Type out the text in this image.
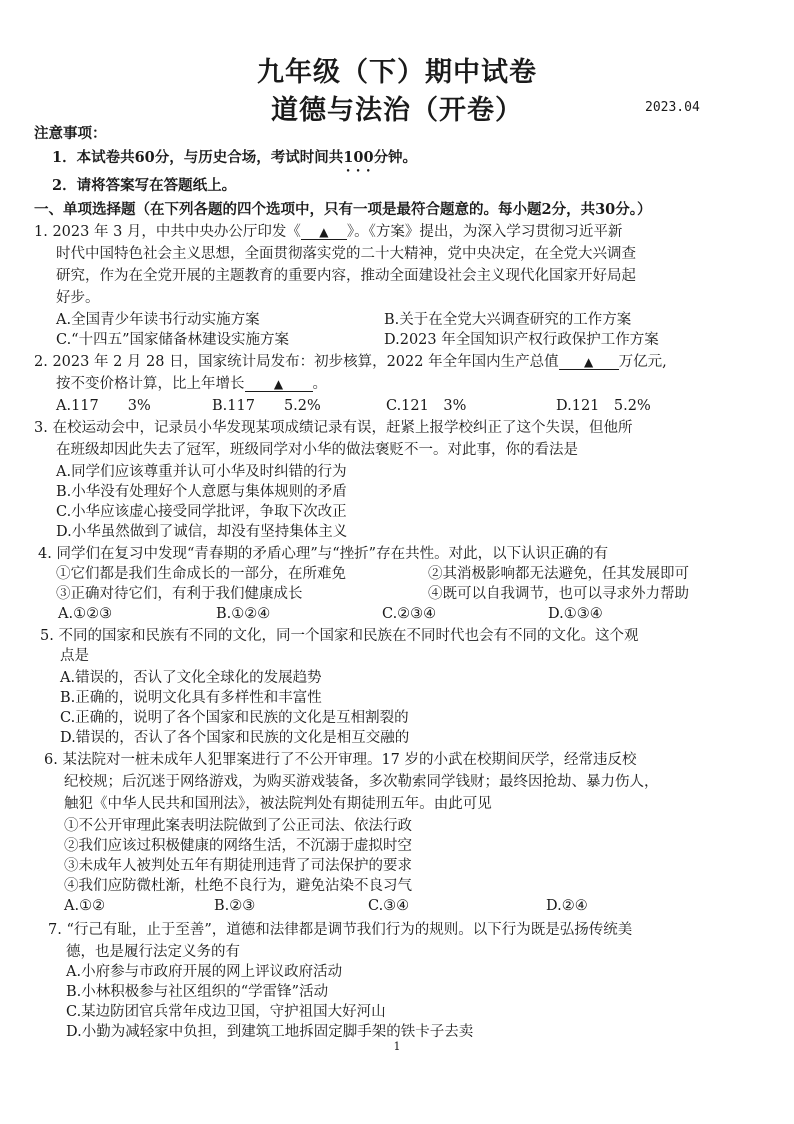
九年级（下）期中试卷
道德与法治（开卷）	2023.04
注意事项：
1．本试卷共60分，与历史合场，考试时间共100分钟。
2．请将答案写在答题纸上。
一、单项选择题（在下列各题的四个选项中，只有一项是最符合题意的。每小题2分，共30分。）
1. 2023 年 3 月，中共中央办公厅印发《 ▲ 》。《方案》提出，为深入学习贯彻习近平新
时代中国特色社会主义思想，全面贯彻落实党的二十大精神，党中央决定，在全党大兴调查
研究，作为在全党开展的主题教育的重要内容，推动全面建设社会主义现代化国家开好局起
好步。
A.全国青少年读书行动实施方案	B.关于在全党大兴调查研究的工作方案
C.“十四五”国家储备林建设实施方案	D.2023 年全国知识产权行政保护工作方案
2. 2023 年 2 月 28 日，国家统计局发布：初步核算，2022 年全年国内生产总值 ▲ 万亿元,
按不变价格计算，比上年增长 ▲ 。
A.117　　3%	B.117　　5.2%	C.121　3%	D.121　5.2%
3. 在校运动会中，记录员小华发现某项成绩记录有误，赶紧上报学校纠正了这个失误，但他所
在班级却因此失去了冠军，班级同学对小华的做法褒贬不一。对此事，你的看法是
A.同学们应该尊重并认可小华及时纠错的行为
B.小华没有处理好个人意愿与集体规则的矛盾
C.小华应该虚心接受同学批评，争取下次改正
D.小华虽然做到了诚信，却没有坚持集体主义
4. 同学们在复习中发现“青春期的矛盾心理”与“挫折”存在共性。对此，以下认识正确的有
①它们都是我们生命成长的一部分，在所难免	②其消极影响都无法避免，任其发展即可
③正确对待它们，有利于我们健康成长	④既可以自我调节，也可以寻求外力帮助
A.①②③	B.①②④	C.②③④	D.①③④
5. 不同的国家和民族有不同的文化，同一个国家和民族在不同时代也会有不同的文化。这个观
点是
A.错误的，否认了文化全球化的发展趋势
B.正确的，说明文化具有多样性和丰富性
C.正确的，说明了各个国家和民族的文化是互相割裂的
D.错误的，否认了各个国家和民族的文化是相互交融的
6. 某法院对一桩未成年人犯罪案进行了不公开审理。17 岁的小武在校期间厌学，经常违反校
纪校规；后沉迷于网络游戏，为购买游戏装备，多次勒索同学钱财；最终因抢劫、暴力伤人，
触犯《中华人民共和国刑法》，被法院判处有期徒刑五年。由此可见
①不公开审理此案表明法院做到了公正司法、依法行政
②我们应该过积极健康的网络生活，不沉溺于虚拟时空
③未成年人被判处五年有期徒刑违背了司法保护的要求
④我们应防微杜渐，杜绝不良行为，避免沾染不良习气
A.①②	B.②③	C.③④	D.②④
7. “行己有耻，止于至善”，道德和法律都是调节我们行为的规则。以下行为既是弘扬传统美
德，也是履行法定义务的有
A.小府参与市政府开展的网上评议政府活动
B.小林积极参与社区组织的“学雷锋”活动
C.某边防团官兵常年戍边卫国，守护祖国大好河山
D.小勤为减轻家中负担，到建筑工地拆固定脚手架的铁卡子去卖
1
